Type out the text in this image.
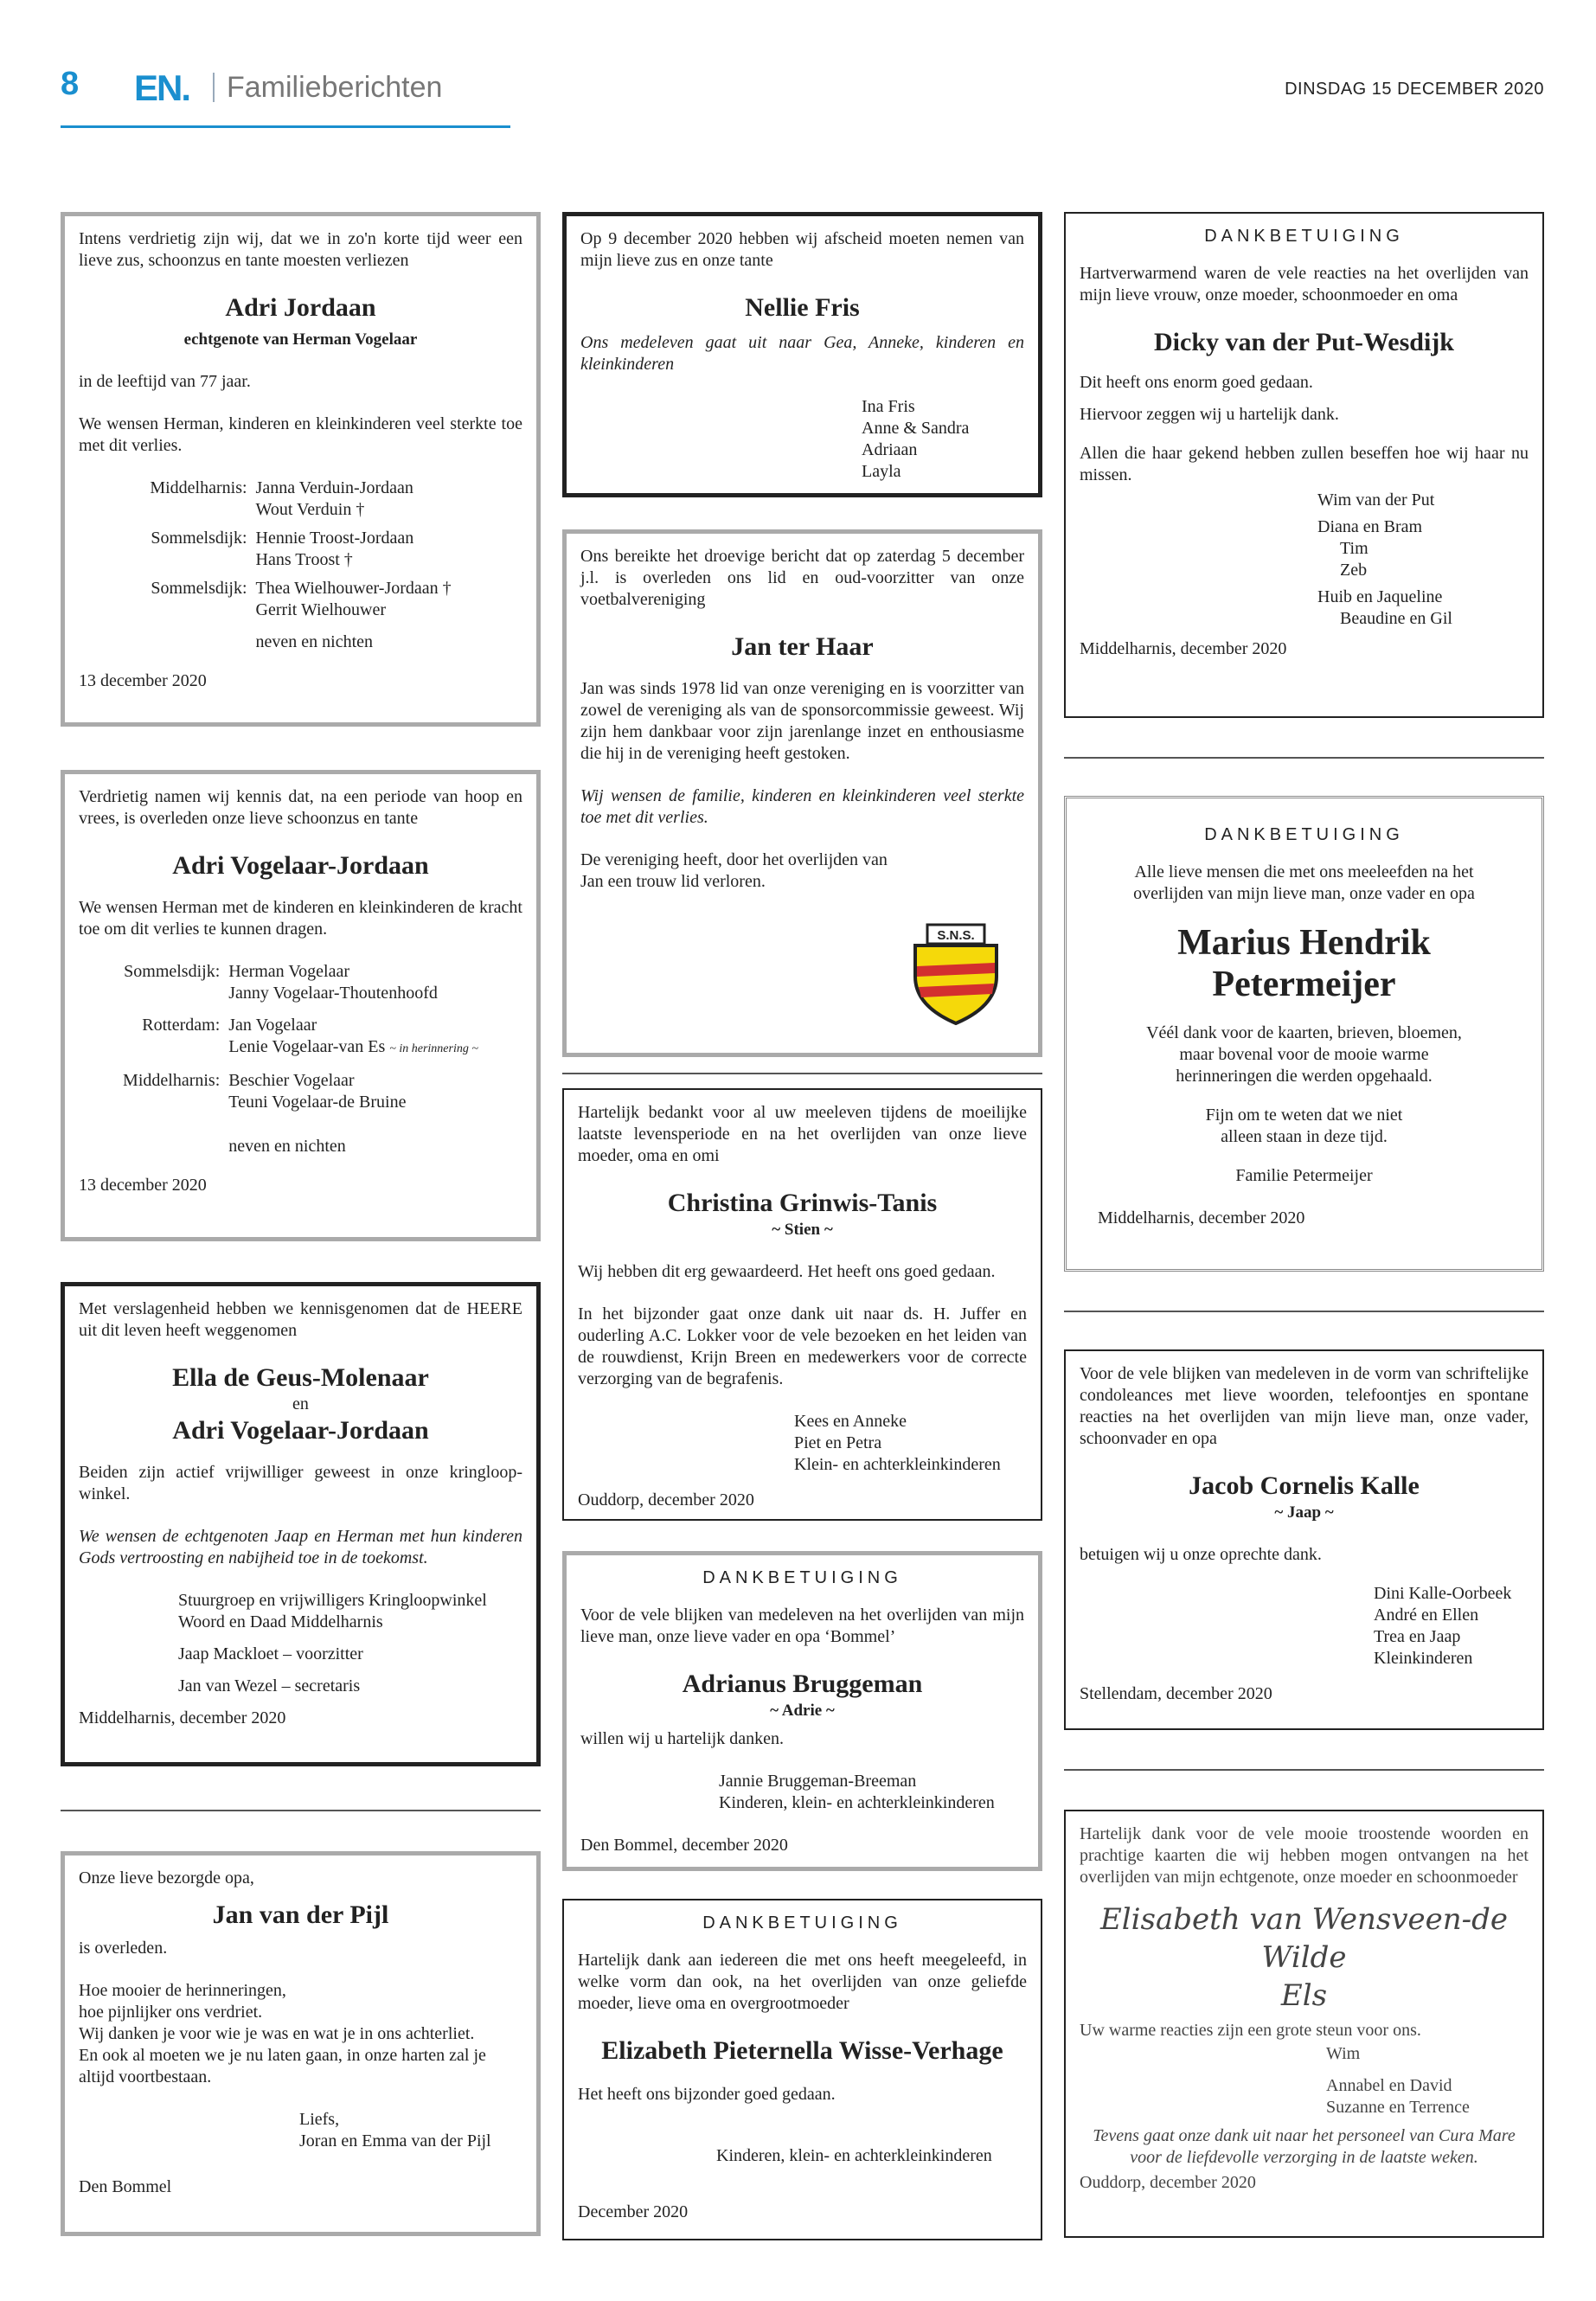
8 EN. Familieberichten	DINSDAG 15 DECEMBER 2020
Intens verdrietig zijn wij, dat we in zo'n korte tijd weer een lieve zus, schoonzus en tante moesten verliezen
Adri Jordaan
echtgenote van Herman Vogelaar
in de leeftijd van 77 jaar.
We wensen Herman, kinderen en kleinkinderen veel sterkte toe met dit verlies.
Middelharnis: Janna Verduin-Jordaan
Wout Verduin †
Sommelsdijk: Hennie Troost-Jordaan
Hans Troost †
Sommelsdijk: Thea Wielhouwer-Jordaan †
Gerrit Wielhouwer
neven en nichten
13 december 2020
Verdrietig namen wij kennis dat, na een periode van hoop en vrees, is overleden onze lieve schoonzus en tante
Adri Vogelaar-Jordaan
We wensen Herman met de kinderen en kleinkinderen de kracht toe om dit verlies te kunnen dragen.
Sommelsdijk: Herman Vogelaar
Janny Vogelaar-Thoutenhoofd
Rotterdam: Jan Vogelaar
Lenie Vogelaar-van Es ~ in herinnering ~
Middelharnis: Beschier Vogelaar
Teuni Vogelaar-de Bruine
neven en nichten
13 december 2020
Met verslagenheid hebben we kennisgenomen dat de HEERE uit dit leven heeft weggenomen
Ella de Geus-Molenaar
en
Adri Vogelaar-Jordaan
Beiden zijn actief vrijwilliger geweest in onze kringloop-winkel.
We wensen de echtgenoten Jaap en Herman met hun kinderen Gods vertroosting en nabijheid toe in de toekomst.
Stuurgroep en vrijwilligers Kringloopwinkel
Woord en Daad Middelharnis
Jaap Mackloet – voorzitter
Jan van Wezel – secretaris
Middelharnis, december 2020
Onze lieve bezorgde opa,
Jan van der Pijl
is overleden.
Hoe mooier de herinneringen,
hoe pijnlijker ons verdriet.
Wij danken je voor wie je was en wat je in ons achterliet.
En ook al moeten we je nu laten gaan, in onze harten zal je altijd voortbestaan.
Liefs,
Joran en Emma van der Pijl
Den Bommel
Op 9 december 2020 hebben wij afscheid moeten nemen van mijn lieve zus en onze tante
Nellie Fris
Ons medeleven gaat uit naar Gea, Anneke, kinderen en kleinkinderen
Ina Fris
Anne & Sandra
Adriaan
Layla
Ons bereikte het droevige bericht dat op zaterdag 5 december j.l. is overleden ons lid en oud-voorzitter van onze voetbalvereniging
Jan ter Haar
Jan was sinds 1978 lid van onze vereniging en is voorzitter van zowel de vereniging als van de sponsorcommissie geweest. Wij zijn hem dankbaar voor zijn jarenlange inzet en enthousiasme die hij in de vereniging heeft gestoken.
Wij wensen de familie, kinderen en kleinkinderen veel sterkte toe met dit verlies.
De vereniging heeft, door het overlijden van Jan een trouw lid verloren.
S.N.S.
Hartelijk bedankt voor al uw meeleven tijdens de moeilijke laatste levensperiode en na het overlijden van onze lieve moeder, oma en omi
Christina Grinwis-Tanis
~ Stien ~
Wij hebben dit erg gewaardeerd. Het heeft ons goed gedaan.
In het bijzonder gaat onze dank uit naar ds. H. Juffer en ouderling A.C. Lokker voor de vele bezoeken en het leiden van de rouwdienst, Krijn Breen en medewerkers voor de correcte verzorging van de begrafenis.
Kees en Anneke
Piet en Petra
Klein- en achterkleinkinderen
Ouddorp, december 2020
DANKBETUIGING
Voor de vele blijken van medeleven na het overlijden van mijn lieve man, onze lieve vader en opa ‘Bommel’
Adrianus Bruggeman
~ Adrie ~
willen wij u hartelijk danken.
Jannie Bruggeman-Breeman
Kinderen, klein- en achterkleinkinderen
Den Bommel, december 2020
DANKBETUIGING
Hartelijk dank aan iedereen die met ons heeft meegeleefd, in welke vorm dan ook, na het overlijden van onze geliefde moeder, lieve oma en overgrootmoeder
Elizabeth Pieternella Wisse-Verhage
Het heeft ons bijzonder goed gedaan.
Kinderen, klein- en achterkleinkinderen
December 2020
DANKBETUIGING
Hartverwarmend waren de vele reacties na het overlijden van mijn lieve vrouw, onze moeder, schoonmoeder en oma
Dicky van der Put-Wesdijk
Dit heeft ons enorm goed gedaan.
Hiervoor zeggen wij u hartelijk dank.
Allen die haar gekend hebben zullen beseffen hoe wij haar nu missen.
Wim van der Put
Diana en Bram
Tim
Zeb
Huib en Jaqueline
Beaudine en Gil
Middelharnis, december 2020
DANKBETUIGING
Alle lieve mensen die met ons meeleefden na het overlijden van mijn lieve man, onze vader en opa
Marius Hendrik Petermeijer
Véél dank voor de kaarten, brieven, bloemen, maar bovenal voor de mooie warme herinneringen die werden opgehaald.
Fijn om te weten dat we niet alleen staan in deze tijd.
Familie Petermeijer
Middelharnis, december 2020
Voor de vele blijken van medeleven in de vorm van schriftelijke condoleances met lieve woorden, telefoontjes en spontane reacties na het overlijden van mijn lieve man, onze vader, schoonvader en opa
Jacob Cornelis Kalle
~ Jaap ~
betuigen wij u onze oprechte dank.
Dini Kalle-Oorbeek
André en Ellen
Trea en Jaap
Kleinkinderen
Stellendam, december 2020
Hartelijk dank voor de vele mooie troostende woorden en prachtige kaarten die wij hebben mogen ontvangen na het overlijden van mijn echtgenote, onze moeder en schoonmoeder
Elisabeth van Wensveen-de Wilde
Els
Uw warme reacties zijn een grote steun voor ons.
Wim
Annabel en David
Suzanne en Terrence
Tevens gaat onze dank uit naar het personeel van Cura Mare voor de liefdevolle verzorging in de laatste weken.
Ouddorp, december 2020
